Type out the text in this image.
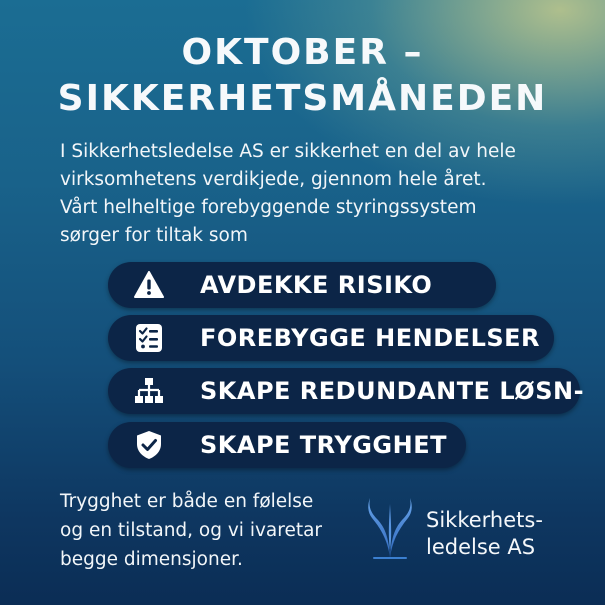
OKTOBER –
SIKKERHETSMÅNEDEN
I Sikkerhetsledelse AS er sikkerhet en del av hele
virksomhetens verdikjede, gjennom hele året.
Vårt helheltige forebyggende styringssystem
sørger for tiltak som
AVDEKKE RISIKO
FOREBYGGE HENDELSER
SKAPE REDUNDANTE LØSN-
SKAPE TRYGGHET
Trygghet er både en følelse
og en tilstand, og vi ivaretar
begge dimensjoner.
Sikkerhets-
ledelse AS
